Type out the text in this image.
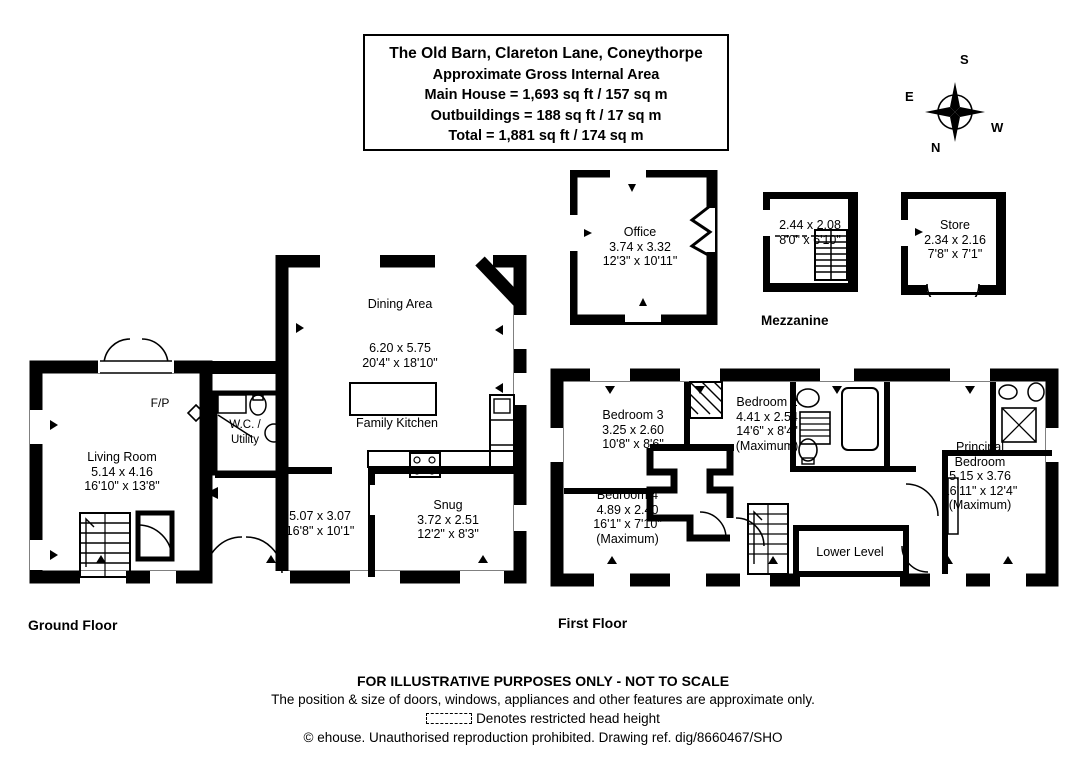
The Old Barn, Clareton Lane, Coneythorpe
Approximate Gross Internal Area
Main House = 1,693 sq ft / 157 sq m
Outbuildings = 188 sq ft / 17 sq m
Total = 1,881 sq ft / 174 sq m
S
N
E
W
Office
3.74 x 3.32
12'3" x 10'11"
2.44 x 2.08
8'0" x 6'10"
Mezzanine
Store
2.34 x 2.16
7'8" x 7'1"
Living Room
5.14 x 4.16
16'10" x 13'8"
W.C. /
Utility
F/P
Dining Area
6.20 x 5.75
20'4" x 18'10"
Family Kitchen
5.07 x 3.07
16'8" x 10'1"
Snug
3.72 x 2.51
12'2" x 8'3"
Ground Floor
Bedroom 3
3.25 x 2.60
10'8" x 8'6"
Bedroom 2
4.41 x 2.54
14'6" x 8'4"
(Maximum)
Bedroom 4
4.89 x 2.40
16'1" x 7'10"
(Maximum)
Principal
Bedroom
5.15 x 3.76
16'11" x 12'4"
(Maximum)
Lower Level
First Floor
FOR ILLUSTRATIVE PURPOSES ONLY - NOT TO SCALE
The position & size of doors, windows, appliances and other features are approximate only.
Denotes restricted head height
© ehouse. Unauthorised reproduction prohibited. Drawing ref. dig/8660467/SHO
